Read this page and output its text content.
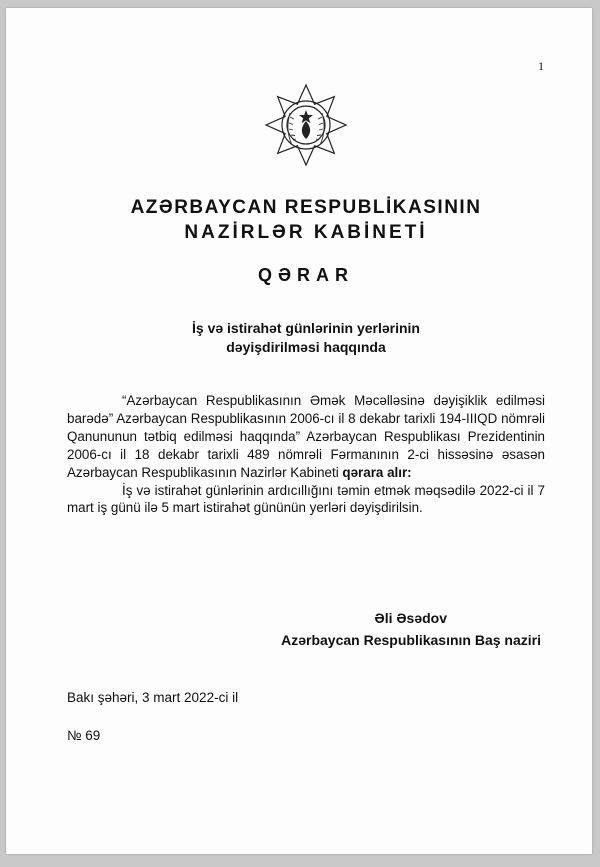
1
AZƏRBAYCAN RESPUBLİKASININ
NAZİRLƏR KABİNETİ
QƏRAR
İş və istirahət günlərinin yerlərinin
dəyişdirilməsi haqqında

“Azərbaycan Respublikasının Əmək Məcəlləsinə dəyişiklik edilməsi barədə” Azərbaycan Respublikasının 2006-cı il 8 dekabr tarixli 194-IIIQD nömrəli Qanununun tətbiq edilməsi haqqında” Azərbaycan Respublikası Prezidentinin 2006-cı il 18 dekabr tarixli 489 nömrəli Fərmanının 2-ci hissəsinə əsasən Azərbaycan Respublikasının Nazirlər Kabineti qərara alır:

İş və istirahət günlərinin ardıcıllığını təmin etmək məqsədilə 2022-ci il 7 mart iş günü ilə 5 mart istirahət gününün yerləri dəyişdirilsin.

Əli Əsədov
Azərbaycan Respublikasının Baş naziri
Bakı şəhəri, 3 mart 2022-ci il
№ 69
